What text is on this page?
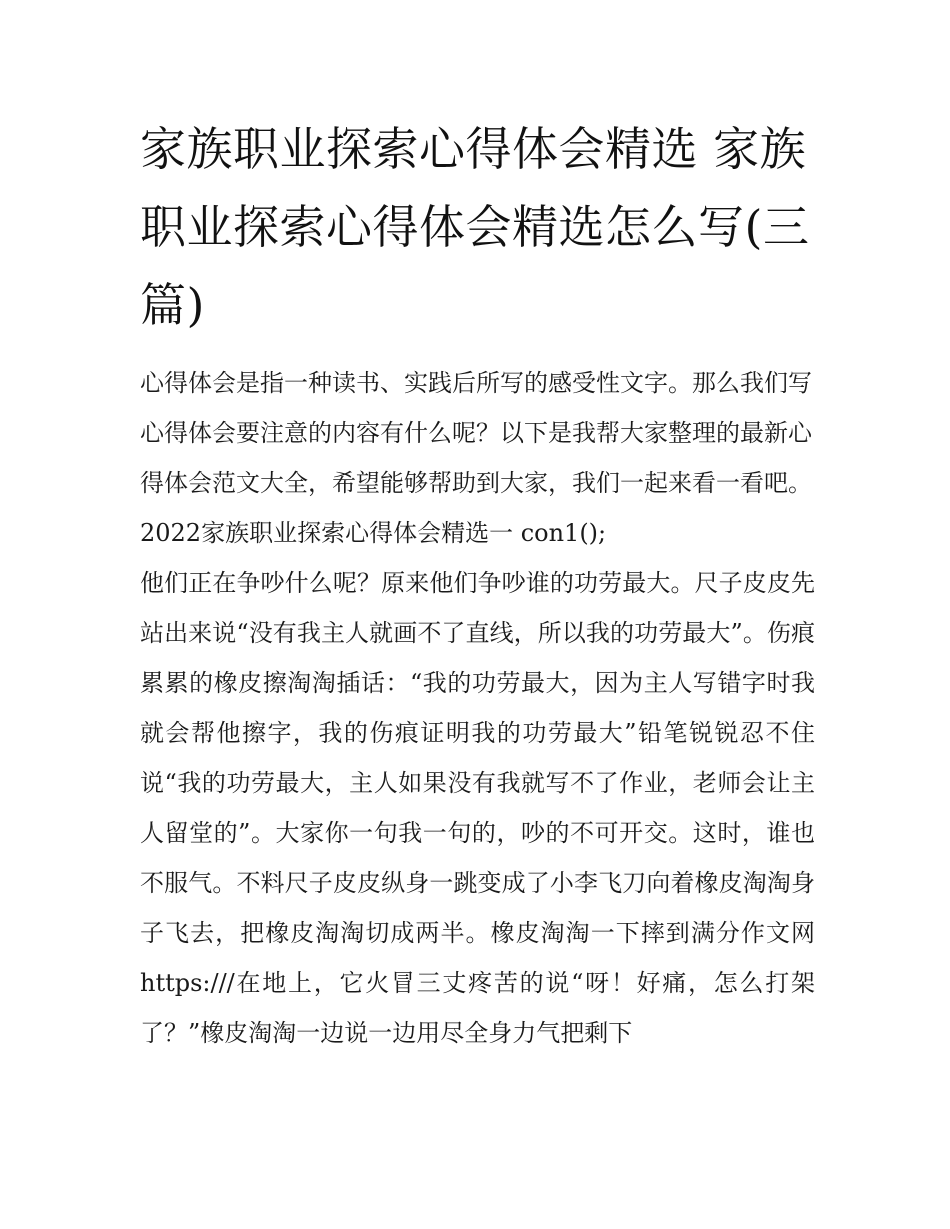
家族职业探索心得体会精选 家族职业探索心得体会精选怎么写(三篇)

心得体会是指一种读书、实践后所写的感受性文字。那么我们写心得体会要注意的内容有什么呢？以下是我帮大家整理的最新心得体会范文大全，希望能够帮助到大家，我们一起来看一看吧。

2022家族职业探索心得体会精选一 con1();

他们正在争吵什么呢？原来他们争吵谁的功劳最大。尺子皮皮先站出来说“没有我主人就画不了直线，所以我的功劳最大”。伤痕累累的橡皮擦淘淘插话：“我的功劳最大，因为主人写错字时我就会帮他擦字，我的伤痕证明我的功劳最大”铅笔锐锐忍不住说“我的功劳最大，主人如果没有我就写不了作业，老师会让主人留堂的”。大家你一句我一句的，吵的不可开交。这时，谁也不服气。不料尺子皮皮纵身一跳变成了小李飞刀向着橡皮淘淘身子飞去，把橡皮淘淘切成两半。橡皮淘淘一下摔到满分作文网 https:///在地上，它火冒三丈疼苦的说“呀！好痛，怎么打架了？”橡皮淘淘一边说一边用尽全身力气把剩下
